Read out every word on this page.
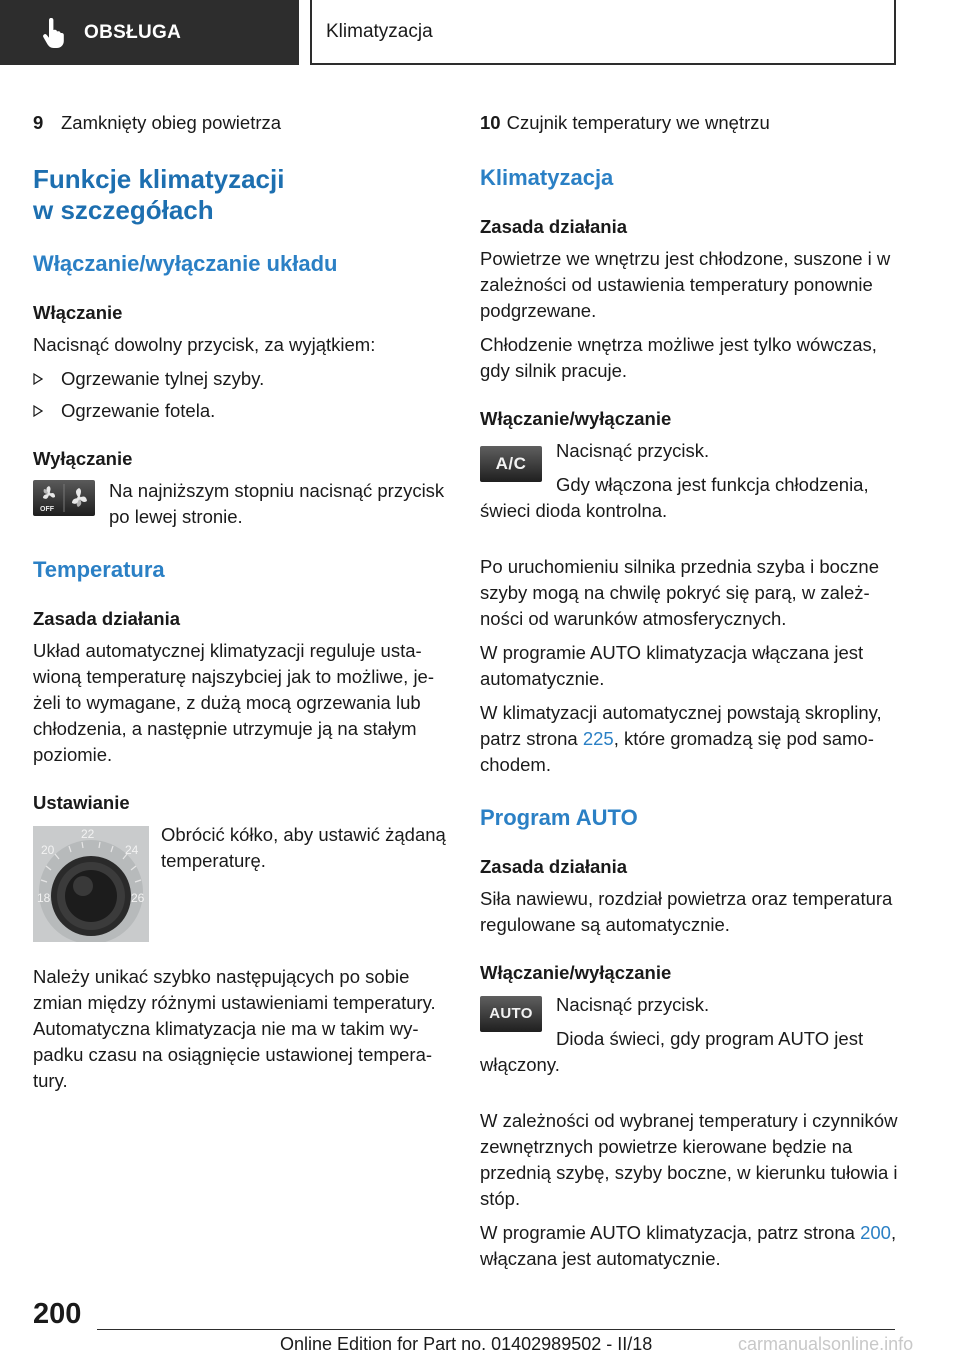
OBSŁUGA	Klimatyzacja
9 Zamknięty obieg powietrza
Funkcje klimatyzacji
w szczegółach
Włączanie/wyłączanie układu
Włączanie

Nacisnąć dowolny przycisk, za wyjątkiem:

Ogrzewanie tylnej szyby.
Ogrzewanie fotela.
Wyłączanie
OFF
Na najniższym stopniu nacisnąć przycisk po lewej stronie.
Temperatura
Zasada działania

Układ automatycznej klimatyzacji reguluje ustawioną temperaturę najszybciej jak to możliwe, jeżeli to wymagane, z dużą mocą ogrzewania lub chłodzenia, a następnie utrzymuje ją na stałym poziomie.

Ustawianie
18
20
22
24
26
Obrócić kółko, aby ustawić żądaną temperaturę.

Należy unikać szybko następujących po sobie zmian między różnymi ustawieniami temperatury. Automatyczna klimatyzacja nie ma w takim wypadku czasu na osiągnięcie ustawionej temperatury.

10 Czujnik temperatury we wnętrzu
Klimatyzacja
Zasada działania

Powietrze we wnętrzu jest chłodzone, suszone i w zależności od ustawienia temperatury ponownie podgrzewane.

Chłodzenie wnętrza możliwe jest tylko wówczas, gdy silnik pracuje.

Włączanie/wyłączanie
A/C

Nacisnąć przycisk.

Gdy włączona jest funkcja chłodzenia, świeci dioda kontrolna.

Po uruchomieniu silnika przednia szyba i boczne szyby mogą na chwilę pokryć się parą, w zależności od warunków atmosferycznych.

W programie AUTO klimatyzacja włączana jest automatycznie.

W klimatyzacji automatycznej powstają skropliny, patrz strona 225, które gromadzą się pod samochodem.

Program AUTO
Zasada działania

Siła nawiewu, rozdział powietrza oraz temperatura regulowane są automatycznie.

Włączanie/wyłączanie
AUTO	Nacisnąć przycisk.

Dioda świeci, gdy program AUTO jest włączony.

W zależności od wybranej temperatury i czynników zewnętrznych powietrze kierowane będzie na przednią szybę, szyby boczne, w kierunku tułowia i stóp.

W programie AUTO klimatyzacja, patrz strona 200, włączana jest automatycznie.

200
Online Edition for Part no. 01402989502 - II/18	carmanualsonline.info
